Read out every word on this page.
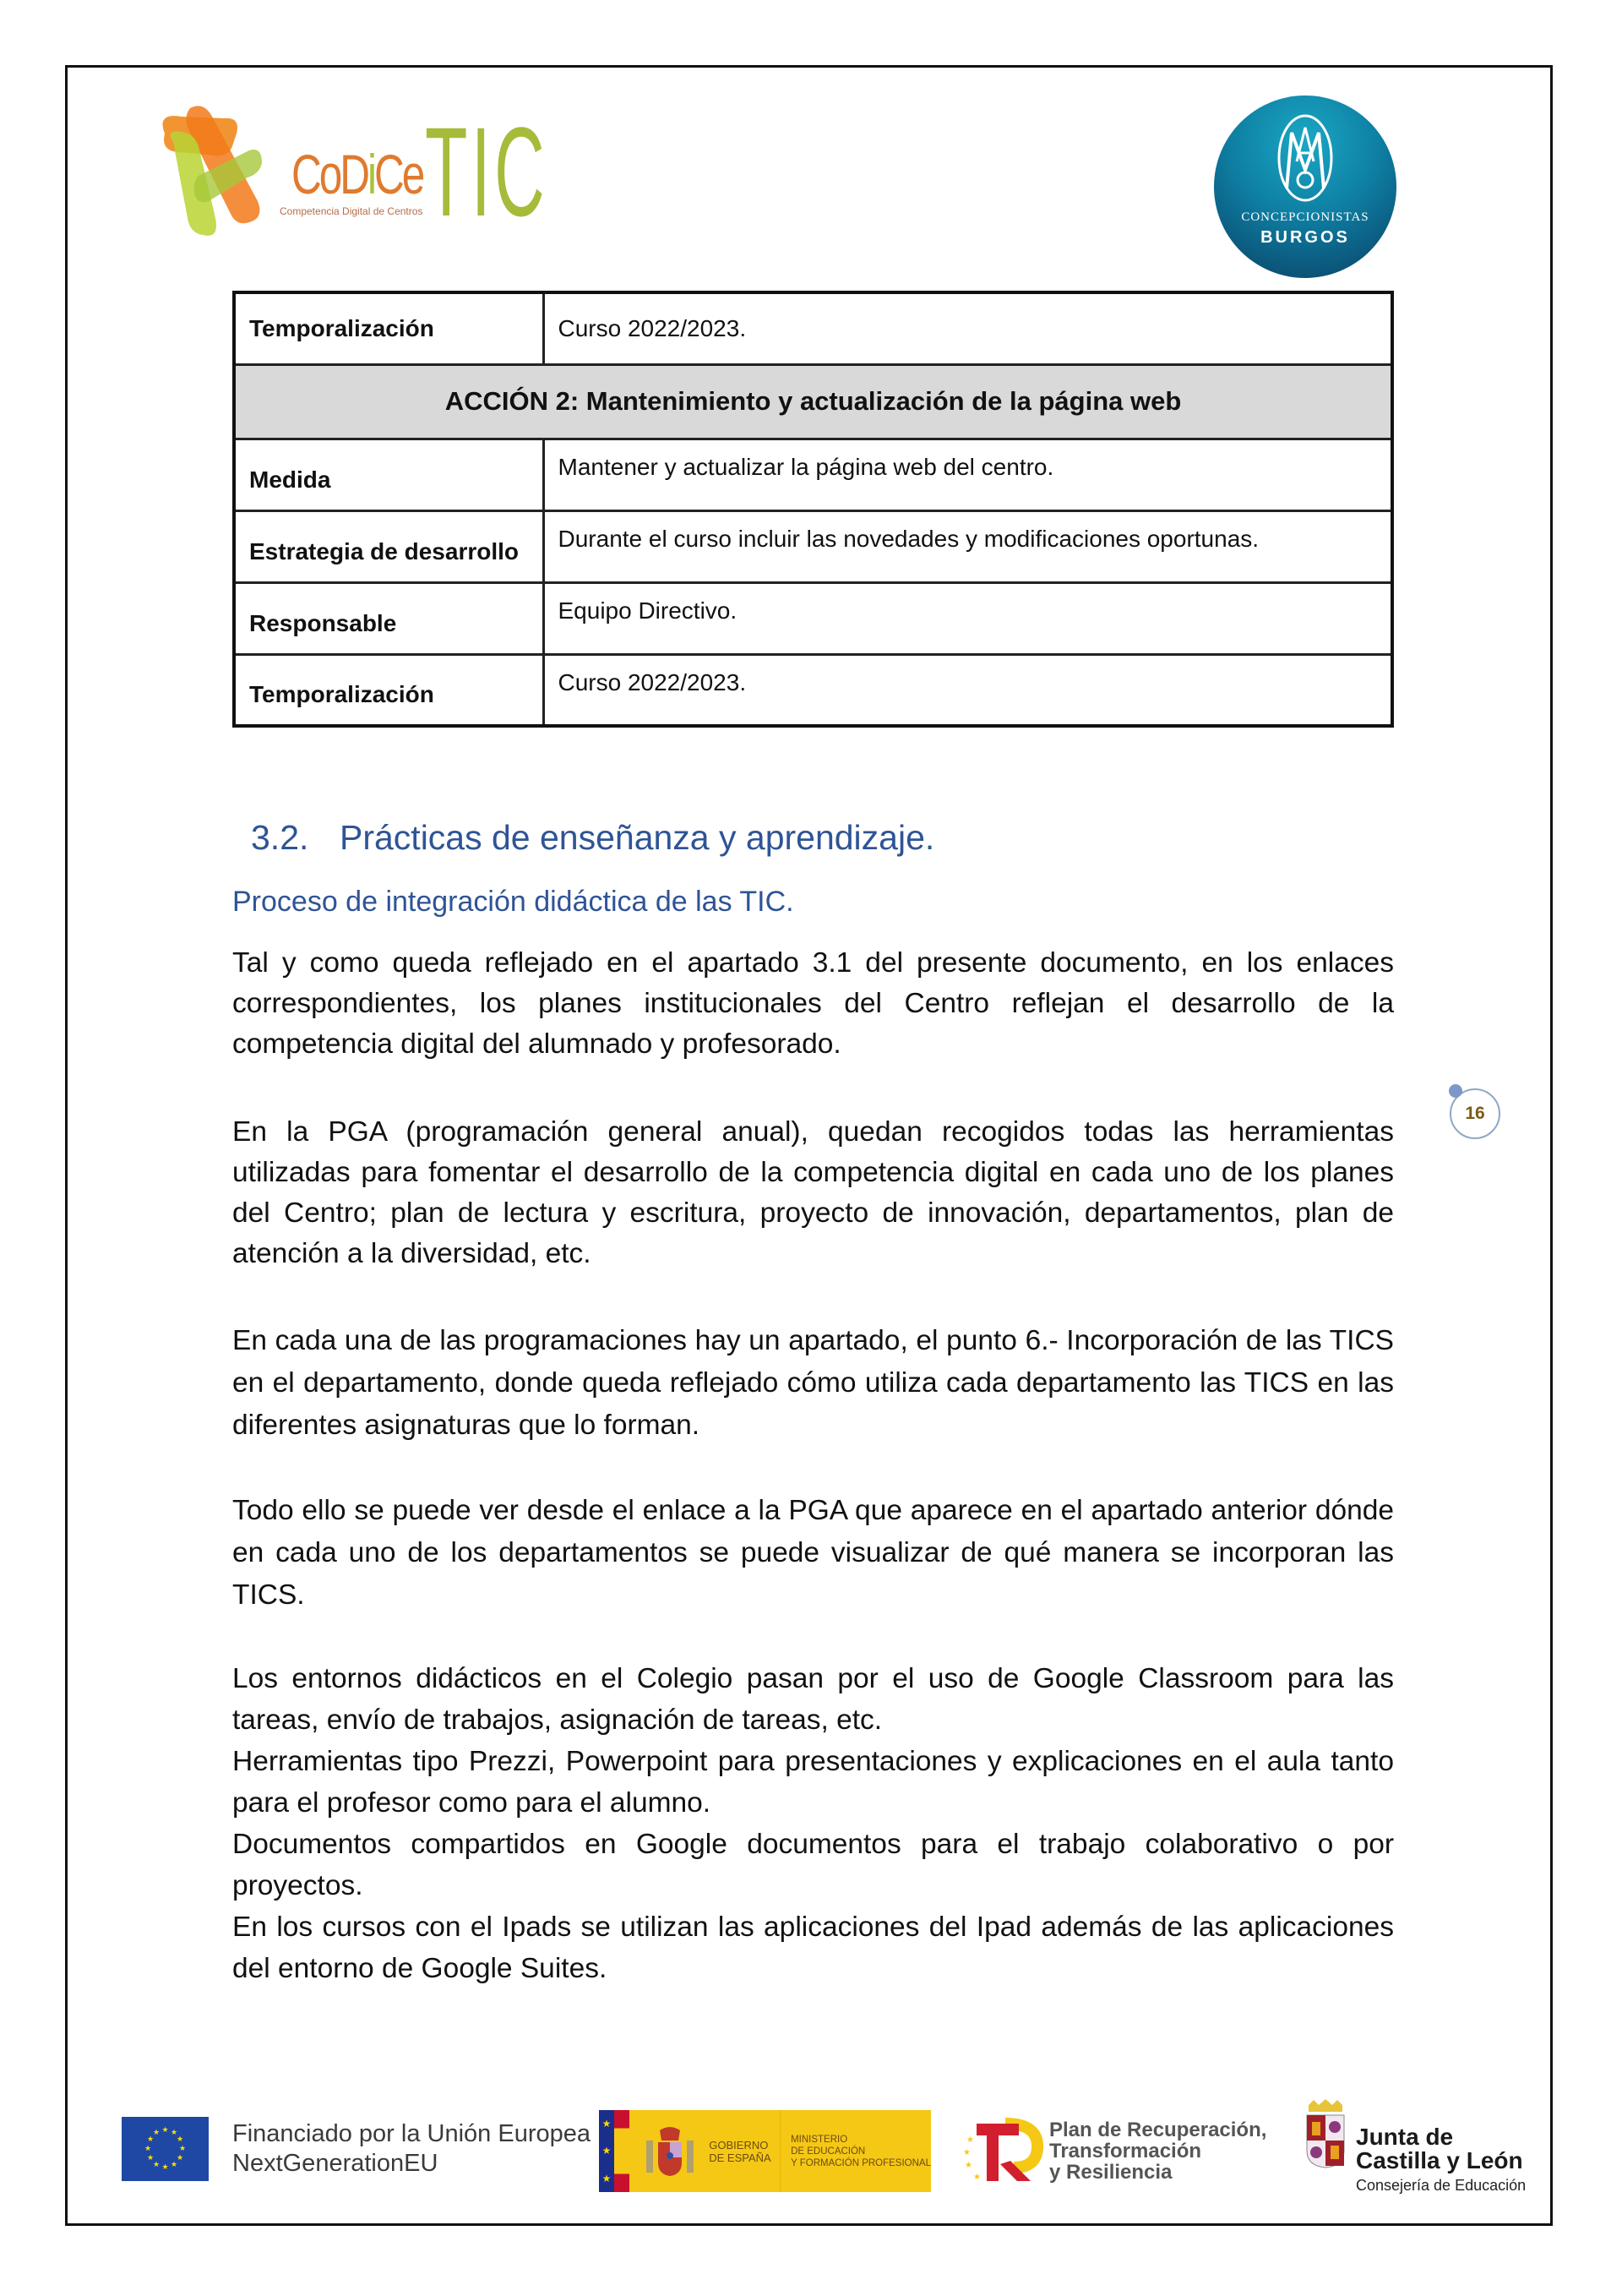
CoDiCe TIC
Competencia Digital de Centros	CONCEPCIONISTAS
BURGOS
Temporalización	Curso 2022/2023.
ACCIÓN 2: Mantenimiento y actualización de la página web	
Medida	Mantener y actualizar la página web del centro.
Estrategia de desarrollo	Durante el curso incluir las novedades y modificaciones oportunas.
Responsable	Equipo Directivo.
Temporalización	Curso 2022/2023.
3.2. Prácticas de enseñanza y aprendizaje.
Proceso de integración didáctica de las TIC.

Tal y como queda reflejado en el apartado 3.1 del presente documento, en los enlaces correspondientes, los planes institucionales del Centro reflejan el desarrollo de la competencia digital del alumnado y profesorado.

En la PGA (programación general anual), quedan recogidos todas las herramientas utilizadas para fomentar el desarrollo de la competencia digital en cada uno de los planes del Centro; plan de lectura y escritura, proyecto de innovación, departamentos, plan de atención a la diversidad, etc.

En cada una de las programaciones hay un apartado, el punto 6.- Incorporación de las TICS en el departamento, donde queda reflejado cómo utiliza cada departamento las TICS en las diferentes asignaturas que lo forman.

Todo ello se puede ver desde el enlace a la PGA que aparece en el apartado anterior dónde en cada uno de los departamentos se puede visualizar de qué manera se incorporan las TICS.

Los entornos didácticos en el Colegio pasan por el uso de Google Classroom para las tareas, envío de trabajos, asignación de tareas, etc.

Herramientas tipo Prezzi, Powerpoint para presentaciones y explicaciones en el aula tanto para el profesor como para el alumno.

Documentos compartidos en Google documentos para el trabajo colaborativo o por proyectos.

En los cursos con el Ipads se utilizan las aplicaciones del Ipad además de las aplicaciones del entorno de Google Suites.

16
★ ★
★
★
★
★
★
★
★
★
★
★	Financiado por la Unión Europea
NextGenerationEU
★
★
★
GOBIERNO
DE ESPAÑA
MINISTERIO
DE EDUCACIÓN
Y FORMACIÓN PROFESIONAL
★
★
★
★
Plan de Recuperación,
Transformación
y Resiliencia
Junta de
Castilla y León
Consejería de Educación
